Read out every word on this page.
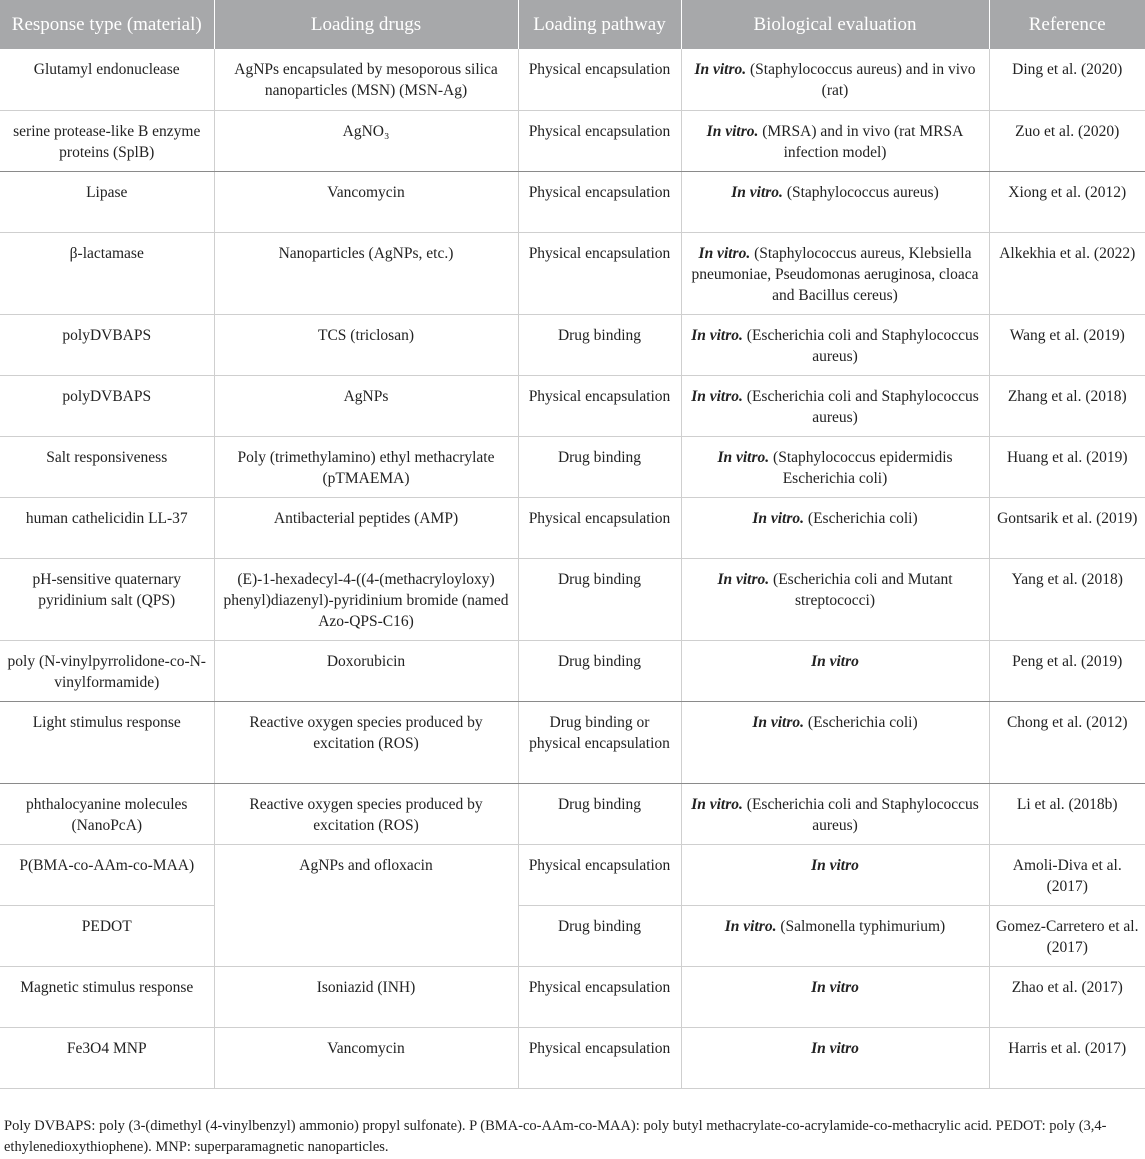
Response type (material)	Loading drugs	Loading pathway	Biological evaluation	Reference
Glutamyl endonuclease	AgNPs encapsulated by mesoporous silica nanoparticles (MSN) (MSN-Ag)	Physical encapsulation	In vitro. (Staphylococcus aureus) and in vivo (rat)	Ding et al. (2020)
serine protease-like B enzyme proteins (SplB)	AgNO₃	Physical encapsulation	In vitro. (MRSA) and in vivo (rat MRSA infection model)	Zuo et al. (2020)
Lipase	Vancomycin	Physical encapsulation	In vitro. (Staphylococcus aureus)	Xiong et al. (2012)
β-lactamase	Nanoparticles (AgNPs, etc.)	Physical encapsulation	In vitro. (Staphylococcus aureus, Klebsiella pneumoniae, Pseudomonas aeruginosa, cloaca and Bacillus cereus)	Alkekhia et al. (2022)
polyDVBAPS	TCS (triclosan)	Drug binding	In vitro. (Escherichia coli and Staphylococcus aureus)	Wang et al. (2019)
polyDVBAPS	AgNPs	Physical encapsulation	In vitro. (Escherichia coli and Staphylococcus aureus)	Zhang et al. (2018)
Salt responsiveness	Poly (trimethylamino) ethyl methacrylate (pTMAEMA)	Drug binding	In vitro. (Staphylococcus epidermidis Escherichia coli)	Huang et al. (2019)
human cathelicidin LL-37	Antibacterial peptides (AMP)	Physical encapsulation	In vitro. (Escherichia coli)	Gontsarik et al. (2019)
pH-sensitive quaternary pyridinium salt (QPS)	(E)-1-hexadecyl-4-((4-(methacryloyloxy) phenyl)diazenyl)-pyridinium bromide (named Azo-QPS-C16)	Drug binding	In vitro. (Escherichia coli and Mutant streptococci)	Yang et al. (2018)
poly (N-vinylpyrrolidone-co-N-vinylformamide)	Doxorubicin	Drug binding	In vitro	Peng et al. (2019)
Light stimulus response	Reactive oxygen species produced by excitation (ROS)	Drug binding or physical encapsulation	In vitro. (Escherichia coli)	Chong et al. (2012)
phthalocyanine molecules (NanoPcA)	Reactive oxygen species produced by excitation (ROS)	Drug binding	In vitro. (Escherichia coli and Staphylococcus aureus)	Li et al. (2018b)
P(BMA-co-AAm-co-MAA)	AgNPs and ofloxacin	Physical encapsulation	In vitro	Amoli-Diva et al. (2017)
PEDOT		Drug binding	In vitro. (Salmonella typhimurium)	Gomez-Carretero et al. (2017)
Magnetic stimulus response	Isoniazid (INH)	Physical encapsulation	In vitro	Zhao et al. (2017)
Fe3O4 MNP	Vancomycin	Physical encapsulation	In vitro	Harris et al. (2017)
Poly DVBAPS: poly (3-(dimethyl (4-vinylbenzyl) ammonio) propyl sulfonate). P (BMA-co-AAm-co-MAA): poly butyl methacrylate-co-acrylamide-co-methacrylic acid. PEDOT: poly (3,4-ethylenedioxythiophene). MNP: superparamagnetic nanoparticles.
